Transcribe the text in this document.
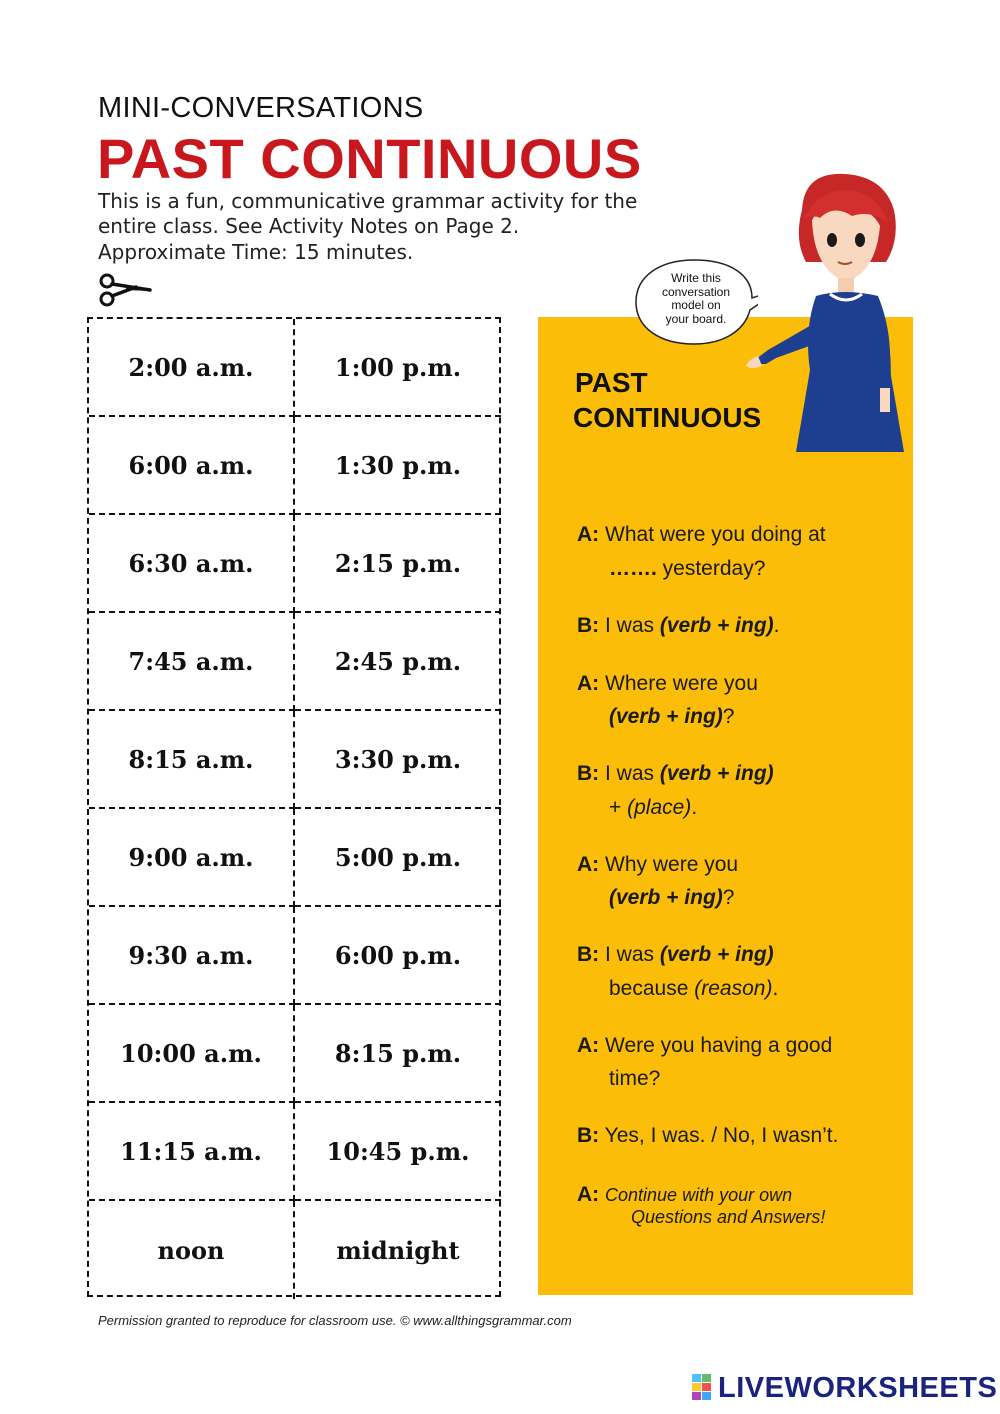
MINI-CONVERSATIONS
PAST CONTINUOUS
This is a fun, communicative grammar activity for the
entire class. See Activity Notes on Page 2.
Approximate Time: 15 minutes.
2:00 a.m.	1:00 p.m.
6:00 a.m.	1:30 p.m.
6:30 a.m.	2:15 p.m.
7:45 a.m.	2:45 p.m.
8:15 a.m.	3:30 p.m.
9:00 a.m.	5:00 p.m.
9:30 a.m.	6:00 p.m.
10:00 a.m.	8:15 p.m.
11:15 a.m.	10:45 p.m.
noon	midnight
Write this
conversation
model on
your board.
PAST
CONTINUOUS
A: What were you doing at
……. yesterday?
B: I was (verb + ing).
A: Where were you
(verb + ing)?
B: I was (verb + ing)
+ (place).
A: Why were you
(verb + ing)?
B: I was (verb + ing)
because (reason).
A: Were you having a good
time?
B: Yes, I was. / No, I wasn’t.
A: Continue with your own
Questions and Answers!
Permission granted to reproduce for classroom use. © www.allthingsgrammar.com
LIVEWORKSHEETS
